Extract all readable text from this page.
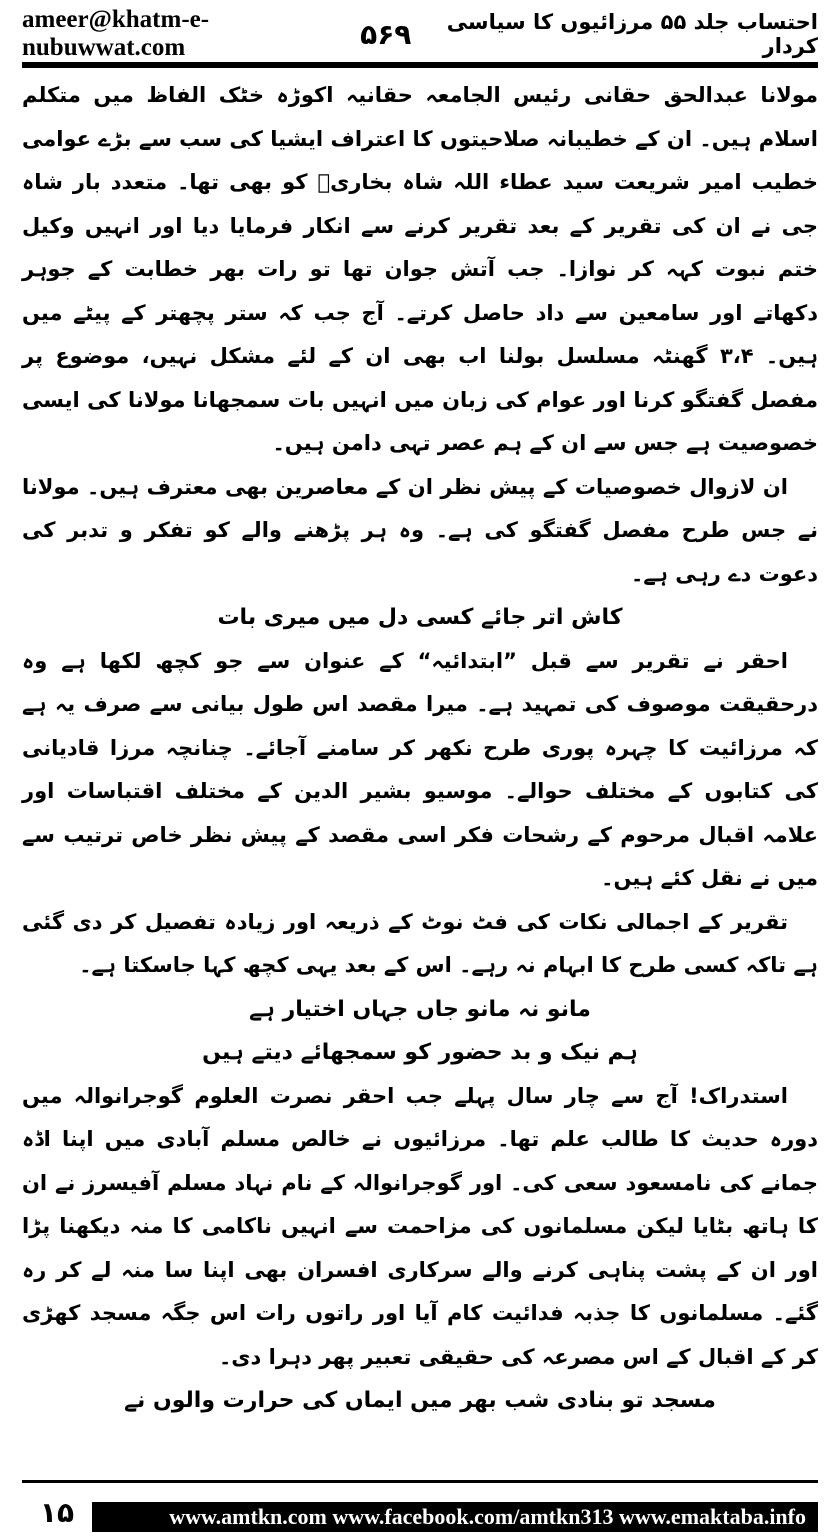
ameer@khatm-e-nubuwwat.com	۵۶۹	احتساب جلد ۵۵ مرزائیوں کا سیاسی کردار

مولانا عبدالحق حقانی رئیس الجامعہ حقانیہ اکوڑہ خٹک الفاظ میں متکلم اسلام ہیں۔ ان کے خطیبانہ صلاحیتوں کا اعتراف ایشیا کی سب سے بڑے عوامی خطیب امیر شریعت سید عطاء اللہ شاہ بخاریؒ کو بھی تھا۔ متعدد بار شاہ جی نے ان کی تقریر کے بعد تقریر کرنے سے انکار فرمایا دیا اور انہیں وکیل ختم نبوت کہہ کر نوازا۔ جب آتش جوان تھا تو رات بھر خطابت کے جوہر دکھاتے اور سامعین سے داد حاصل کرتے۔ آج جب کہ ستر پچھتر کے پیٹے میں ہیں۔ ۳،۴ گھنٹہ مسلسل بولنا اب بھی ان کے لئے مشکل نہیں، موضوع پر مفصل گفتگو کرنا اور عوام کی زبان میں انہیں بات سمجھانا مولانا کی ایسی خصوصیت ہے جس سے ان کے ہم عصر تہی دامن ہیں۔

ان لازوال خصوصیات کے پیش نظر ان کے معاصرین بھی معترف ہیں۔ مولانا نے جس طرح مفصل گفتگو کی ہے۔ وہ ہر پڑھنے والے کو تفکر و تدبر کی دعوت دے رہی ہے۔

کاش اتر جائے کسی دل میں میری بات

احقر نے تقریر سے قبل ”ابتدائیہ“ کے عنوان سے جو کچھ لکھا ہے وہ درحقیقت موصوف کی تمہید ہے۔ میرا مقصد اس طول بیانی سے صرف یہ ہے کہ مرزائیت کا چہرہ پوری طرح نکھر کر سامنے آجائے۔ چنانچہ مرزا قادیانی کی کتابوں کے مختلف حوالے۔ موسیو بشیر الدین کے مختلف اقتباسات اور علامہ اقبال مرحوم کے رشحات فکر اسی مقصد کے پیش نظر خاص ترتیب سے میں نے نقل کئے ہیں۔

تقریر کے اجمالی نکات کی فٹ نوٹ کے ذریعہ اور زیادہ تفصیل کر دی گئی ہے تاکہ کسی طرح کا ابہام نہ رہے۔ اس کے بعد یہی کچھ کہا جاسکتا ہے۔

مانو نہ مانو جاں جہاں اختیار ہے

ہم نیک و بد حضور کو سمجھائے دیتے ہیں

استدراک! آج سے چار سال پہلے جب احقر نصرت العلوم گوجرانوالہ میں دورہ حدیث کا طالب علم تھا۔ مرزائیوں نے خالص مسلم آبادی میں اپنا اڈہ جمانے کی نامسعود سعی کی۔ اور گوجرانوالہ کے نام نہاد مسلم آفیسرز نے ان کا ہاتھ بٹایا لیکن مسلمانوں کی مزاحمت سے انہیں ناکامی کا منہ دیکھنا پڑا اور ان کے پشت پناہی کرنے والے سرکاری افسران بھی اپنا سا منہ لے کر رہ گئے۔ مسلمانوں کا جذبہ فدائیت کام آیا اور راتوں رات اس جگہ مسجد کھڑی کر کے اقبال کے اس مصرعہ کی حقیقی تعبیر پھر دہرا دی۔

مسجد تو بنادی شب بھر میں ایماں کی حرارت والوں نے

۱۵	www.amtkn.com www.facebook.com/amtkn313 www.emaktaba.info
